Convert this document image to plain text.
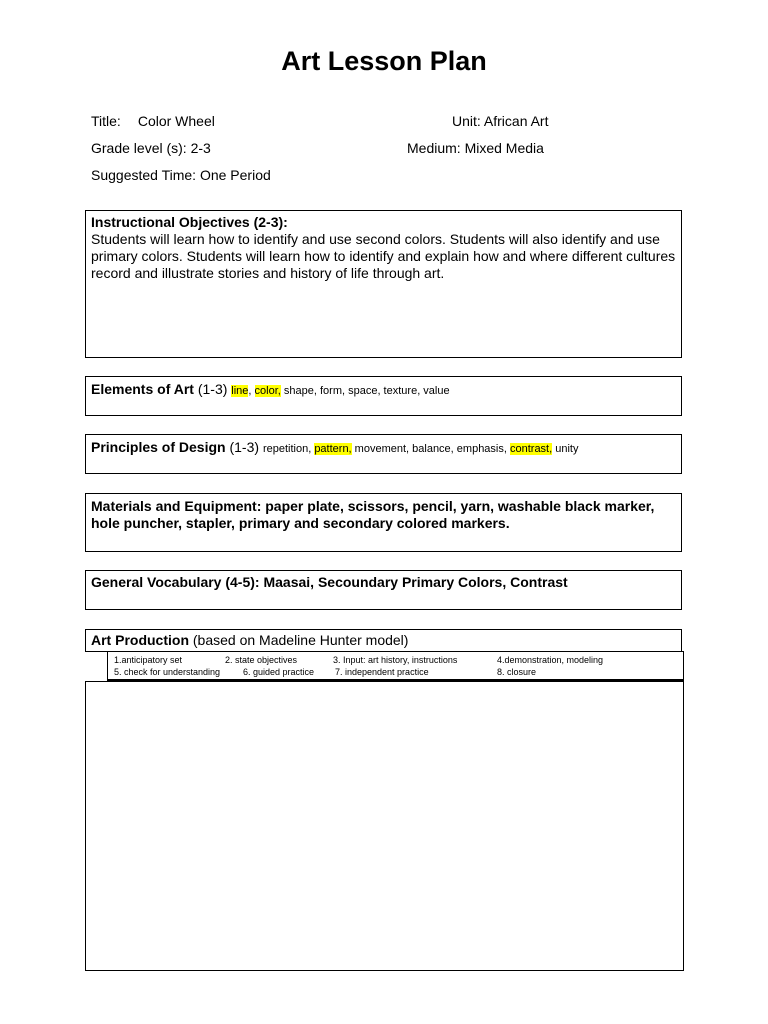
Art Lesson Plan
Title: Color Wheel	Unit: African Art
Grade level (s): 2-3	Medium: Mixed Media
Suggested Time: One Period
Instructional Objectives (2-3):
Students will learn how to identify and use second colors. Students will also identify and use primary colors. Students will learn how to identify and explain how and where different cultures record and illustrate stories and history of life through art.
Elements of Art (1-3) line, color, shape, form, space, texture, value
Principles of Design (1-3) repetition, pattern, movement, balance, emphasis, contrast, unity
Materials and Equipment: paper plate, scissors, pencil, yarn, washable black marker, hole puncher, stapler, primary and secondary colored markers.
General Vocabulary (4-5): Maasai, Secoundary Primary Colors, Contrast
Art Production (based on Madeline Hunter model)
1.anticipatory set	2. state objectives	3. Input: art history, instructions	4.demonstration, modeling
5. check for understanding	6. guided practice 7. independent practice	8. closure
